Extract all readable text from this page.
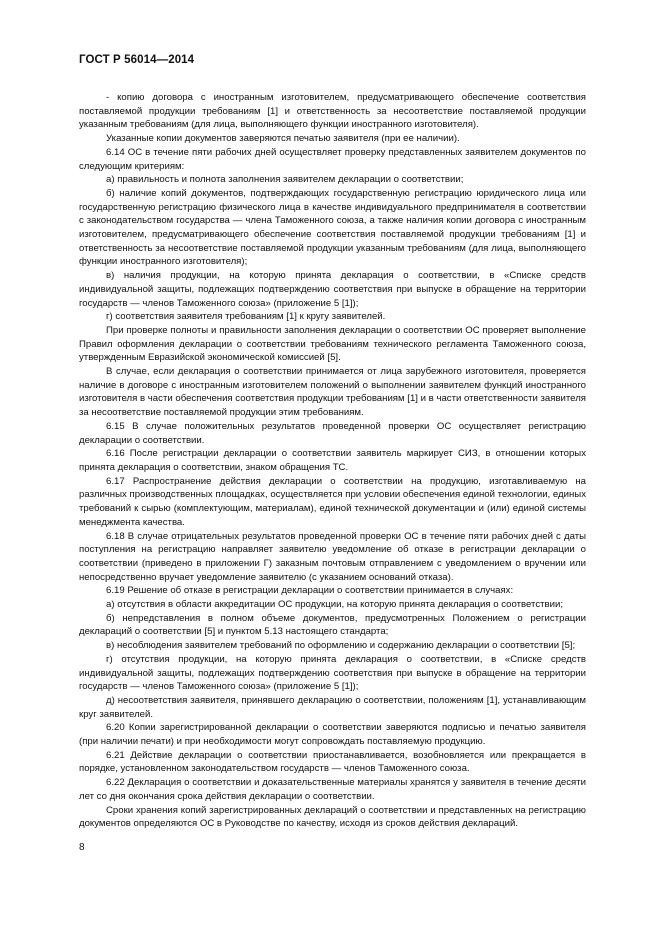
ГОСТ Р 56014—2014

- копию договора с иностранным изготовителем, предусматривающего обеспечение соответствия поставляемой продукции требованиям [1] и ответственность за несоответствие поставляемой продукции указанным требованиям (для лица, выполняющего функции иностранного изготовителя).

Указанные копии документов заверяются печатью заявителя (при ее наличии).

6.14 ОС в течение пяти рабочих дней осуществляет проверку представленных заявителем документов по следующим критериям:

а) правильность и полнота заполнения заявителем декларации о соответствии;

б) наличие копий документов, подтверждающих государственную регистрацию юридического лица или государственную регистрацию физического лица в качестве индивидуального предпринимателя в соответствии с законодательством государства — члена Таможенного союза, а также наличия копии договора с иностранным изготовителем, предусматривающего обеспечение соответствия поставляемой продукции требованиям [1] и ответственность за несоответствие поставляемой продукции указанным требованиям (для лица, выполняющего функции иностранного изготовителя);

в) наличия продукции, на которую принята декларация о соответствии, в «Списке средств индивидуальной защиты, подлежащих подтверждению соответствия при выпуске в обращение на территории государств — членов Таможенного союза» (приложение 5 [1]);

г) соответствия заявителя требованиям [1] к кругу заявителей.

При проверке полноты и правильности заполнения декларации о соответствии ОС проверяет выполнение Правил оформления декларации о соответствии требованиям технического регламента Таможенного союза, утвержденным Евразийской экономической комиссией [5].

В случае, если декларация о соответствии принимается от лица зарубежного изготовителя, проверяется наличие в договоре с иностранным изготовителем положений о выполнении заявителем функций иностранного изготовителя в части обеспечения соответствия продукции требованиям [1] и в части ответственности заявителя за несоответствие поставляемой продукции этим требованиям.

6.15 В случае положительных результатов проведенной проверки ОС осуществляет регистрацию декларации о соответствии.

6.16 После регистрации декларации о соответствии заявитель маркирует СИЗ, в отношении которых принята декларация о соответствии, знаком обращения ТС.

6.17 Распространение действия декларации о соответствии на продукцию, изготавливаемую на различных производственных площадках, осуществляется при условии обеспечения единой технологии, единых требований к сырью (комплектующим, материалам), единой технической документации и (или) единой системы менеджмента качества.

6.18 В случае отрицательных результатов проведенной проверки ОС в течение пяти рабочих дней с даты поступления на регистрацию направляет заявителю уведомление об отказе в регистрации декларации о соответствии (приведено в приложении Г) заказным почтовым отправлением с уведомлением о вручении или непосредственно вручает уведомление заявителю (с указанием оснований отказа).

6.19 Решение об отказе в регистрации декларации о соответствии принимается в случаях:

а) отсутствия в области аккредитации ОС продукции, на которую принята декларация о соответствии;

б) непредставления в полном объеме документов, предусмотренных Положением о регистрации деклараций о соответствии [5] и пунктом 5.13 настоящего стандарта;

в) несоблюдения заявителем требований по оформлению и содержанию декларации о соответствии [5];

г) отсутствия продукции, на которую принята декларация о соответствии, в «Списке средств индивидуальной защиты, подлежащих подтверждению соответствия при выпуске в обращение на территории государств — членов Таможенного союза» (приложение 5 [1]);

д) несоответствия заявителя, принявшего декларацию о соответствии, положениям [1], устанавливающим круг заявителей.

6.20 Копии зарегистрированной декларации о соответствии заверяются подписью и печатью заявителя (при наличии печати) и при необходимости могут сопровождать поставляемую продукцию.

6.21 Действие декларации о соответствии приостанавливается, возобновляется или прекращается в порядке, установленном законодательством государств — членов Таможенного союза.

6.22 Декларация о соответствии и доказательственные материалы хранятся у заявителя в течение десяти лет со дня окончания срока действия декларации о соответствии.

Сроки хранения копий зарегистрированных деклараций о соответствии и представленных на регистрацию документов определяются ОС в Руководстве по качеству, исходя из сроков действия деклараций.

8
